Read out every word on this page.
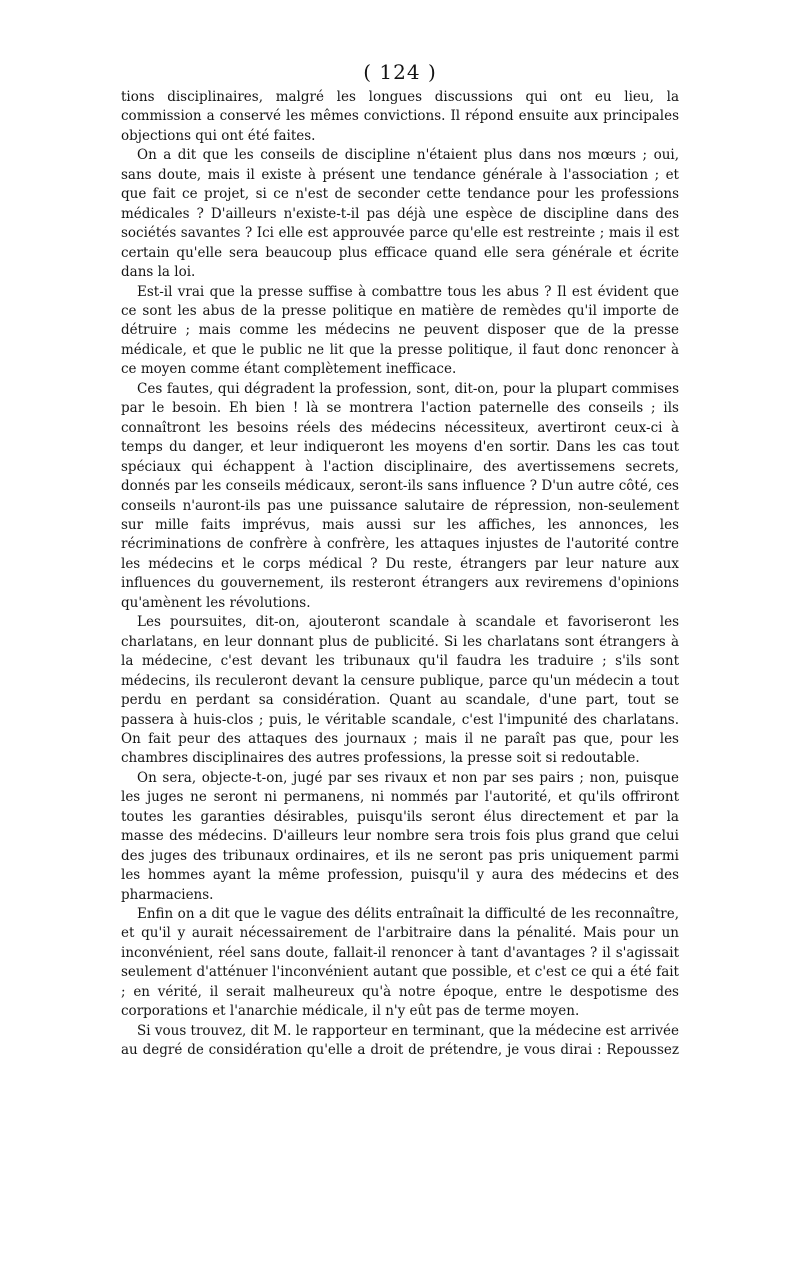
( 124 )

tions disciplinaires, malgré les longues discussions qui ont eu lieu, la commission a conservé les mêmes convictions. Il répond ensuite aux principales objections qui ont été faites.

On a dit que les conseils de discipline n'étaient plus dans nos mœurs ; oui, sans doute, mais il existe à présent une tendance générale à l'association ; et que fait ce projet, si ce n'est de seconder cette tendance pour les professions médicales ? D'ailleurs n'existe-t-il pas déjà une espèce de discipline dans des sociétés savantes ? Ici elle est approuvée parce qu'elle est restreinte ; mais il est certain qu'elle sera beaucoup plus efficace quand elle sera générale et écrite dans la loi.

Est-il vrai que la presse suffise à combattre tous les abus ? Il est évident que ce sont les abus de la presse politique en matière de remèdes qu'il importe de détruire ; mais comme les médecins ne peuvent disposer que de la presse médicale, et que le public ne lit que la presse politique, il faut donc renoncer à ce moyen comme étant complètement inefficace.

Ces fautes, qui dégradent la profession, sont, dit-on, pour la plupart commises par le besoin. Eh bien ! là se montrera l'action paternelle des conseils ; ils connaîtront les besoins réels des médecins nécessiteux, avertiront ceux-ci à temps du danger, et leur indiqueront les moyens d'en sortir. Dans les cas tout spéciaux qui échappent à l'action disciplinaire, des avertissemens secrets, donnés par les conseils médicaux, seront-ils sans influence ? D'un autre côté, ces conseils n'auront-ils pas une puissance salutaire de répression, non-seulement sur mille faits imprévus, mais aussi sur les affiches, les annonces, les récriminations de confrère à confrère, les attaques injustes de l'autorité contre les médecins et le corps médical ? Du reste, étrangers par leur nature aux influences du gouvernement, ils resteront étrangers aux reviremens d'opinions qu'amènent les révolutions.

Les poursuites, dit-on, ajouteront scandale à scandale et favoriseront les charlatans, en leur donnant plus de publicité. Si les charlatans sont étrangers à la médecine, c'est devant les tribunaux qu'il faudra les traduire ; s'ils sont médecins, ils reculeront devant la censure publique, parce qu'un médecin a tout perdu en perdant sa considération. Quant au scandale, d'une part, tout se passera à huis-clos ; puis, le véritable scandale, c'est l'impunité des charlatans. On fait peur des attaques des journaux ; mais il ne paraît pas que, pour les chambres disciplinaires des autres professions, la presse soit si redoutable.

On sera, objecte-t-on, jugé par ses rivaux et non par ses pairs ; non, puisque les juges ne seront ni permanens, ni nommés par l'autorité, et qu'ils offriront toutes les garanties désirables, puisqu'ils seront élus directement et par la masse des médecins. D'ailleurs leur nombre sera trois fois plus grand que celui des juges des tribunaux ordinaires, et ils ne seront pas pris uniquement parmi les hommes ayant la même profession, puisqu'il y aura des médecins et des pharmaciens.

Enfin on a dit que le vague des délits entraînait la difficulté de les reconnaître, et qu'il y aurait nécessairement de l'arbitraire dans la pénalité. Mais pour un inconvénient, réel sans doute, fallait-il renoncer à tant d'avantages ? il s'agissait seulement d'atténuer l'inconvénient autant que possible, et c'est ce qui a été fait ; en vérité, il serait malheureux qu'à notre époque, entre le despotisme des corporations et l'anarchie médicale, il n'y eût pas de terme moyen.

Si vous trouvez, dit M. le rapporteur en terminant, que la médecine est arrivée au degré de considération qu'elle a droit de prétendre, je vous dirai : Repoussez
